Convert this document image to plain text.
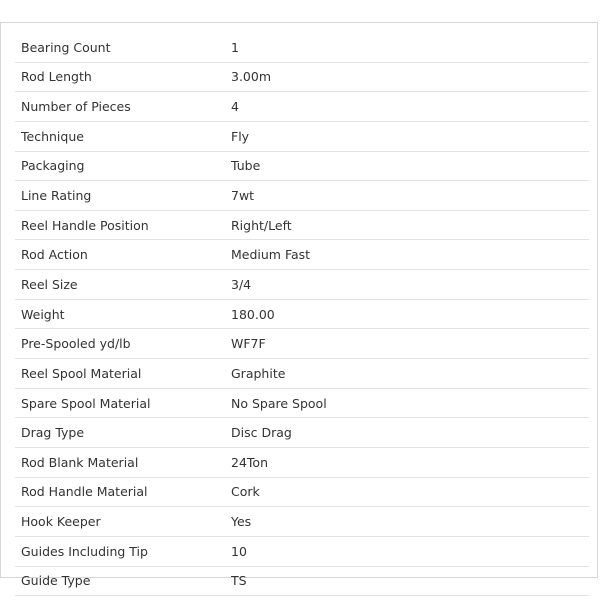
Bearing Count	1
Rod Length	3.00m
Number of Pieces	4
Technique	Fly
Packaging	Tube
Line Rating	7wt
Reel Handle Position	Right/Left
Rod Action	Medium Fast
Reel Size	3/4
Weight	180.00
Pre-Spooled yd/lb	WF7F
Reel Spool Material	Graphite
Spare Spool Material	No Spare Spool
Drag Type	Disc Drag
Rod Blank Material	24Ton
Rod Handle Material	Cork
Hook Keeper	Yes
Guides Including Tip	10
Guide Type	TS
